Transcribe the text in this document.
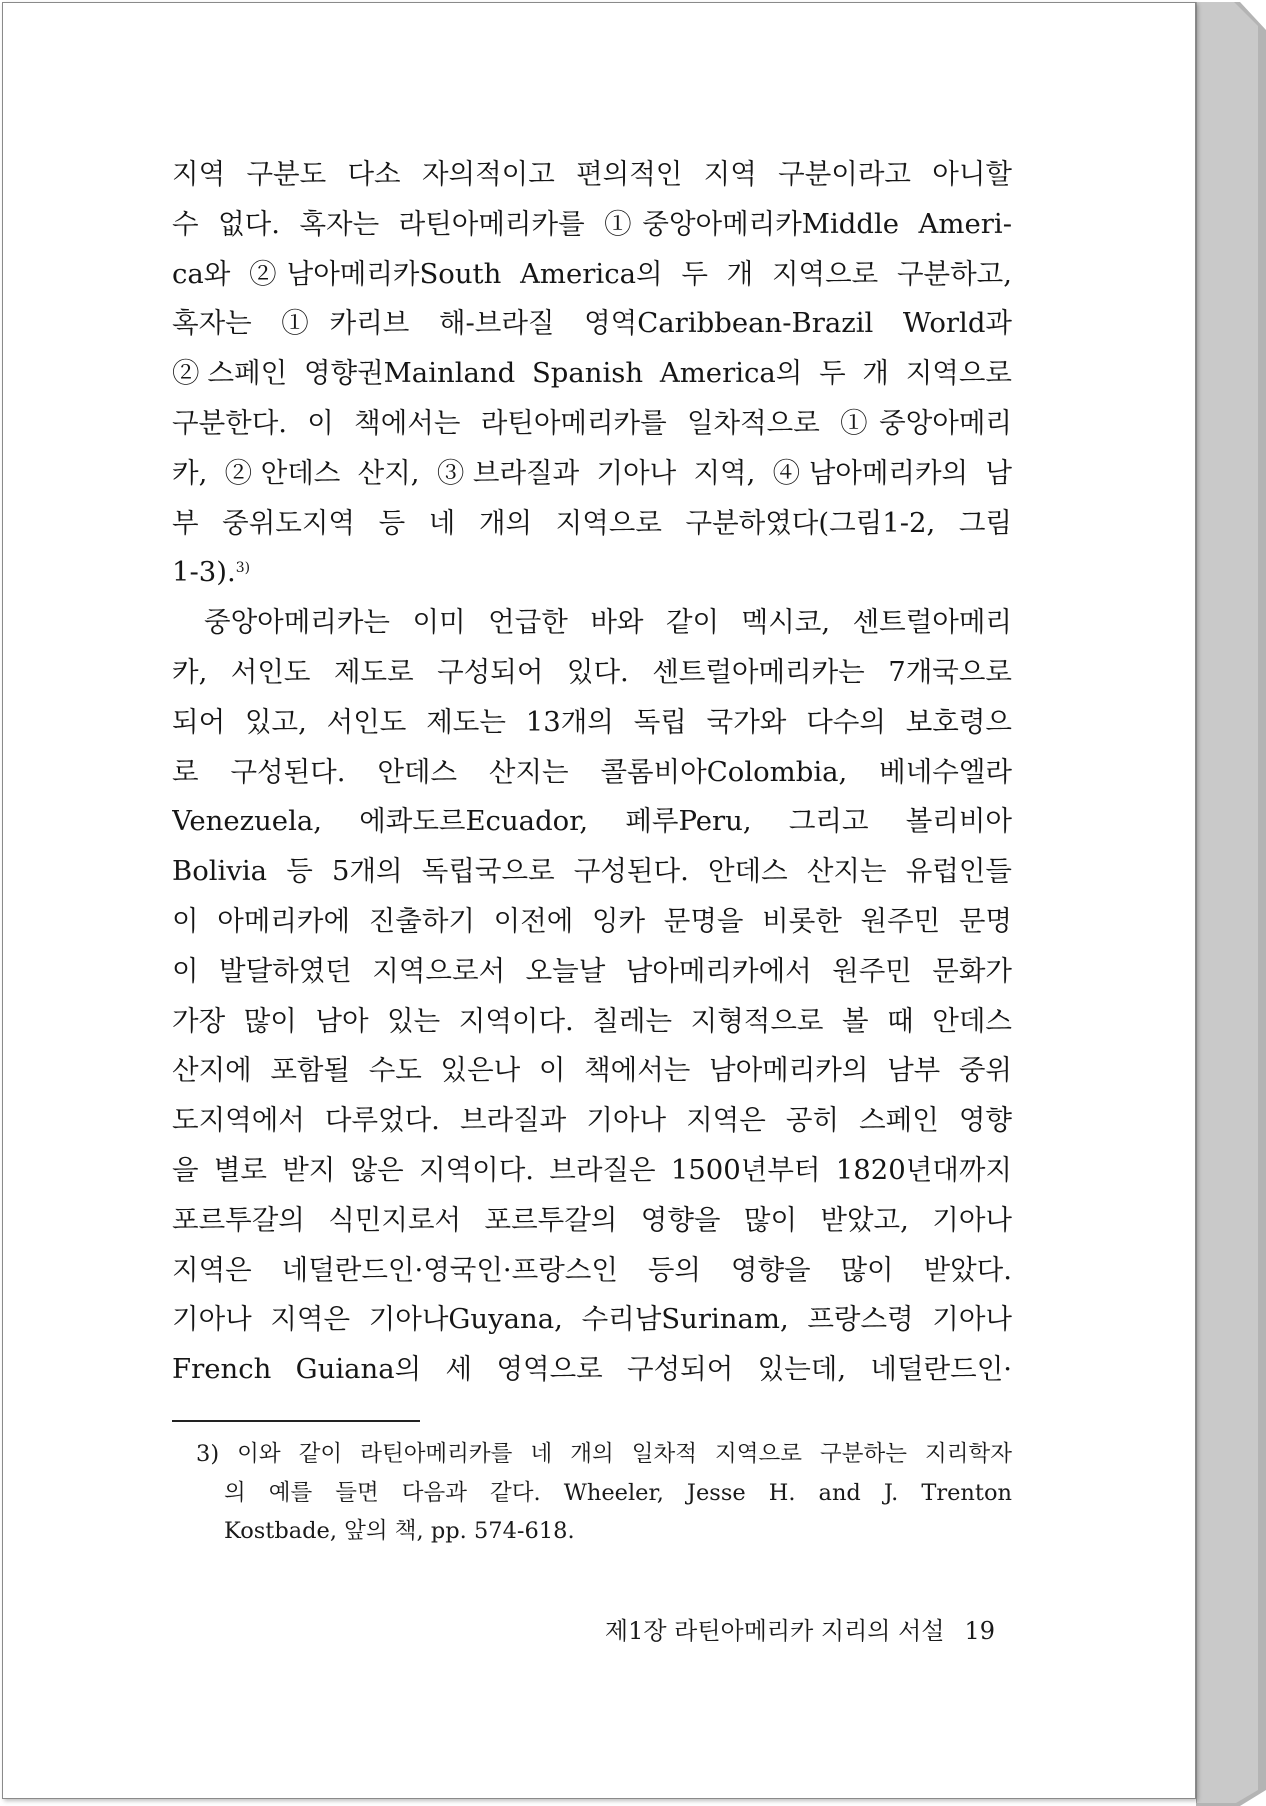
지역 구분도 다소 자의적이고 편의적인 지역 구분이라고 아니할
수 없다. 혹자는 라틴아메리카를 ①중앙아메리카Middle Ameri-
ca와 ②남아메리카South America의 두 개 지역으로 구분하고,
혹자는 ①카리브 해-브라질 영역Caribbean-Brazil World과
②스페인 영향권Mainland Spanish America의 두 개 지역으로
구분한다. 이 책에서는 라틴아메리카를 일차적으로 ①중앙아메리
카, ②안데스 산지, ③브라질과 기아나 지역, ④남아메리카의 남
부 중위도지역 등 네 개의 지역으로 구분하였다(그림1-2, 그림
1-3).$^{3)}$
중앙아메리카는 이미 언급한 바와 같이 멕시코, 센트럴아메리
카, 서인도 제도로 구성되어 있다. 센트럴아메리카는 7개국으로
되어 있고, 서인도 제도는 13개의 독립 국가와 다수의 보호령으
로 구성된다. 안데스 산지는 콜롬비아Colombia, 베네수엘라
Venezuela, 에콰도르Ecuador, 페루Peru, 그리고 볼리비아
Bolivia 등 5개의 독립국으로 구성된다. 안데스 산지는 유럽인들
이 아메리카에 진출하기 이전에 잉카 문명을 비롯한 원주민 문명
이 발달하였던 지역으로서 오늘날 남아메리카에서 원주민 문화가
가장 많이 남아 있는 지역이다. 칠레는 지형적으로 볼 때 안데스
산지에 포함될 수도 있은나 이 책에서는 남아메리카의 남부 중위
도지역에서 다루었다. 브라질과 기아나 지역은 공히 스페인 영향
을 별로 받지 않은 지역이다. 브라질은 1500년부터 1820년대까지
포르투갈의 식민지로서 포르투갈의 영향을 많이 받았고, 기아나
지역은 네덜란드인·영국인·프랑스인 등의 영향을 많이 받았다.
기아나 지역은 기아나Guyana, 수리남Surinam, 프랑스령 기아나
French Guiana의 세 영역으로 구성되어 있는데, 네덜란드인·
3) 이와 같이 라틴아메리카를 네 개의 일차적 지역으로 구분하는 지리학자
의 예를 들면 다음과 같다. Wheeler, Jesse H. and J. Trenton
Kostbade, 앞의 책, pp. 574-618.
제1장 라틴아메리카 지리의 서설 19
